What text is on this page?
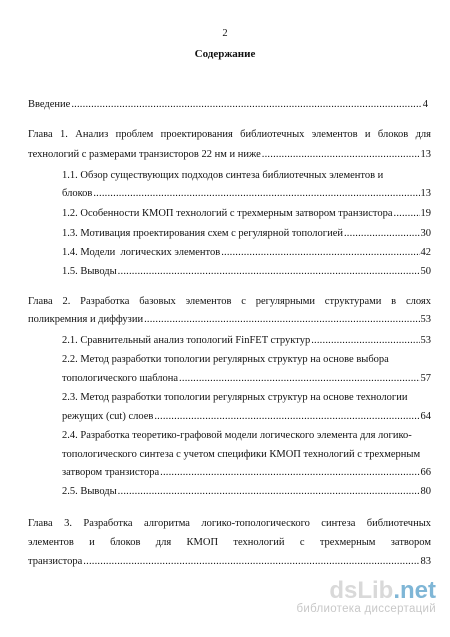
2
Содержание
Введение .....	4
Глава 1. Анализ проблем проектирования библиотечных элементов и блоков для
технологий с размерами транзисторов 22 нм и ниже .....	13
1.1. Обзор существующих подходов синтеза библиотечных элементов и
блоков .....	13
1.2. Особенности КМОП технологий с трехмерным затвором транзистора .....	19
1.3. Мотивация проектирования схем с регулярной топологией .....	30
1.4. Модели  логических элементов .....	42
1.5. Выводы .....	50
Глава 2. Разработка базовых элементов с регулярными структурами в слоях
поликремния и диффузии .....	53
2.1. Сравнительный анализ топологий FinFET структур .....	53
2.2. Метод разработки топологии регулярных структур на основе выбора
топологического шаблона .....	57
2.3. Метод разработки топологии регулярных структур на основе технологии
режущих (cut) слоев .....	64
2.4. Разработка теоретико-графовой модели логического элемента для логико-
топологического синтеза с учетом специфики КМОП технологий с трехмерным
затвором транзистора .....	66
2.5. Выводы .....	80
Глава 3. Разработка алгоритма логико-топологического синтеза библиотечных
элементов и блоков для КМОП технологий с трехмерным затвором
транзистора .....	83
dsLib.net
библиотека диссертаций
